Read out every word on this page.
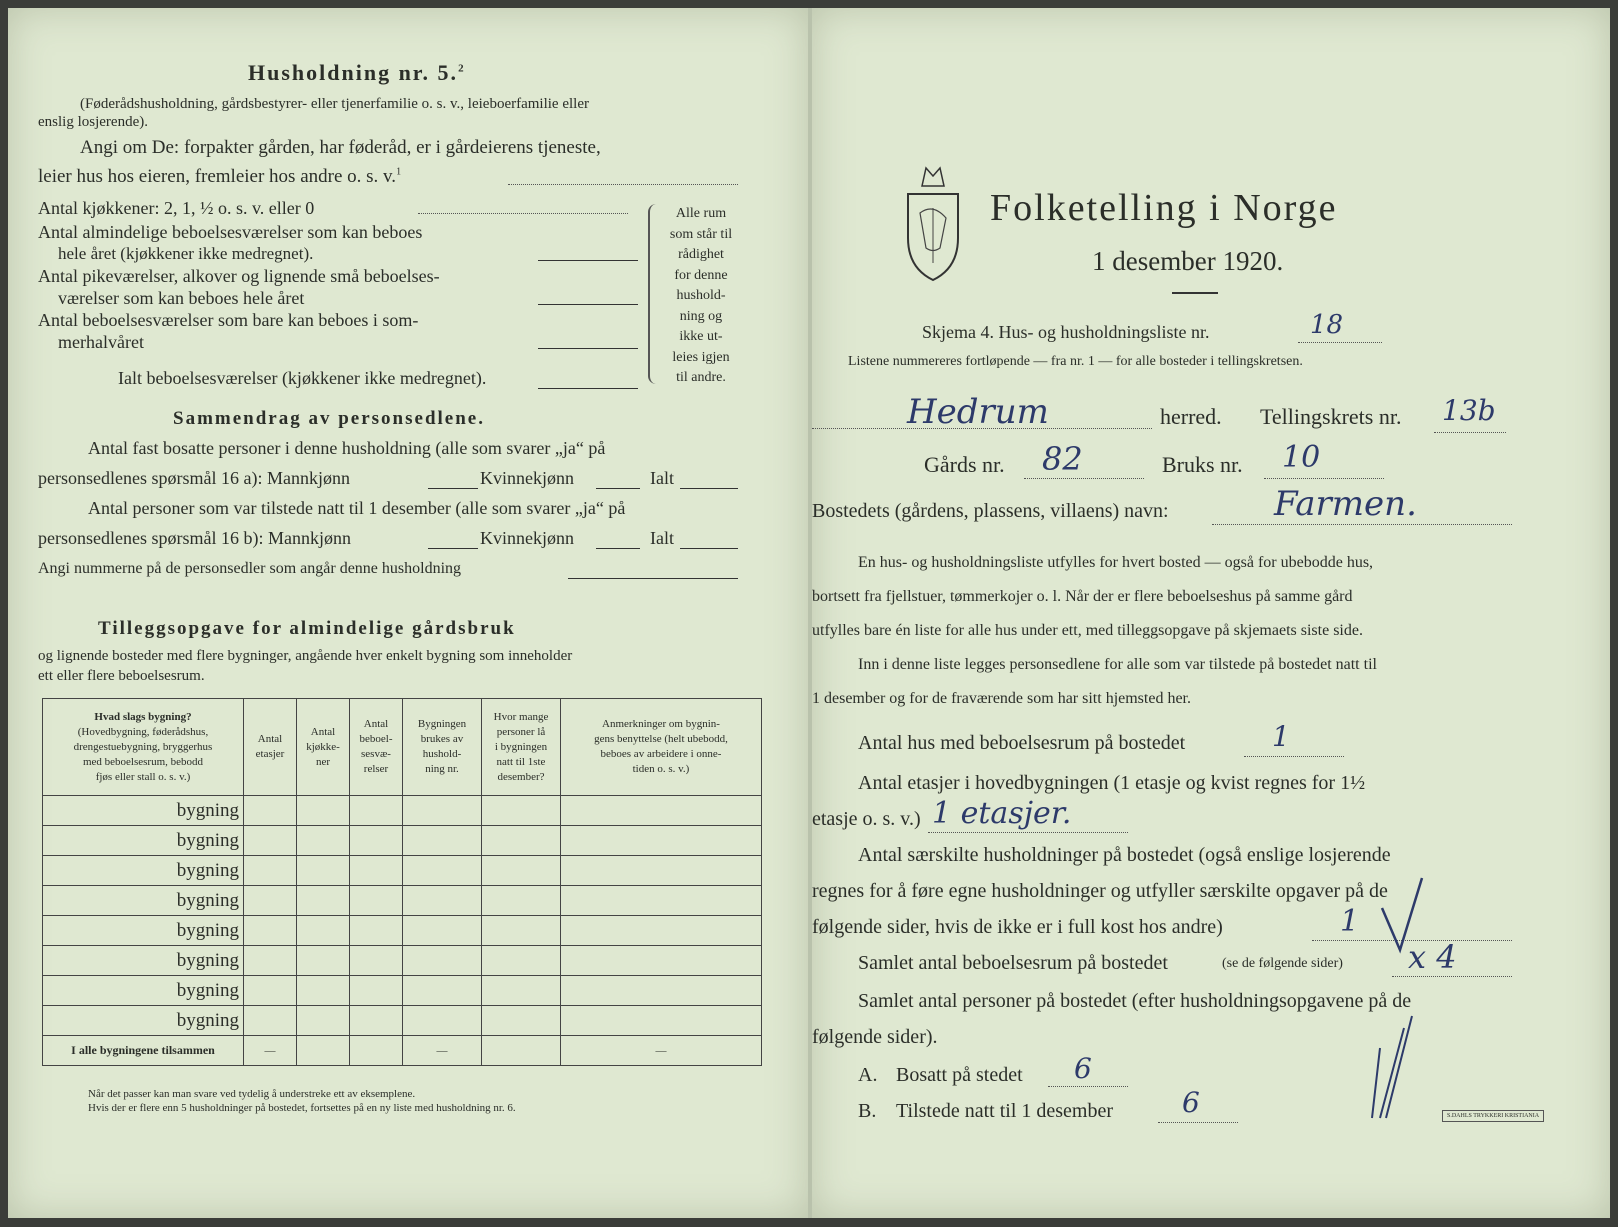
Husholdning nr. 5.$^2$
(Føderådshusholdning, gårdsbestyrer- eller tjenerfamilie o. s. v., leieboerfamilie eller
enslig losjerende).
Angi om De: forpakter gården, har føderåd, er i gårdeierens tjeneste,
leier hus hos eieren, fremleier hos andre o. s. v.$^1$
Antal kjøkkener: 2, 1, ½ o. s. v. eller 0
Antal almindelige beboelsesværelser som kan beboes
hele året (kjøkkener ikke medregnet).
Antal pikeværelser, alkover og lignende små beboelses-
værelser som kan beboes hele året
Antal beboelsesværelser som bare kan beboes i som-
merhalvåret
Ialt beboelsesværelser (kjøkkener ikke medregnet).
Alle rum
som står til
rådighet
for denne
hushold-
ning og
ikke ut-
leies igjen
til andre.
Sammendrag av personsedlene.
Antal fast bosatte personer i denne husholdning (alle som svarer „ja“ på
personsedlenes spørsmål 16 a): Mannkjønn	Kvinnekjønn	Ialt
Antal personer som var tilstede natt til 1 desember (alle som svarer „ja“ på
personsedlenes spørsmål 16 b): Mannkjønn	Kvinnekjønn	Ialt
Angi nummerne på de personsedler som angår denne husholdning
Tilleggsopgave for almindelige gårdsbruk
og lignende bosteder med flere bygninger, angående hver enkelt bygning som inneholder
ett eller flere beboelsesrum.
Hvad slags bygning?
(Hovedbygning, føderådshus,
drengestuebygning, bryggerhus
med beboelsesrum, bebodd
fjøs eller stall o. s. v.)	Antal
etasjer	Antal
kjøkke-
ner	Antal
beboel-
sesvæ-
relser	Bygningen
brukes av
hushold-
ning nr.	Hvor mange
personer lå
i bygningen
natt til 1ste
desember?	Anmerkninger om bygnin-
gens benyttelse (helt ubebodd,
beboes av arbeidere i onne-
tiden o. s. v.)
bygning						
bygning						
bygning						
bygning						
bygning						
bygning						
bygning						
bygning						
I alle bygningene tilsammen	—			—		—
Når det passer kan man svare ved tydelig å understreke ett av eksemplene.
Hvis der er flere enn 5 husholdninger på bostedet, fortsettes på en ny liste med husholdning nr. 6.
Folketelling i Norge
1 desember 1920.
Skjema 4. Hus- og husholdningsliste nr.	18
Listene nummereres fortløpende — fra nr. 1 — for alle bosteder i tellingskretsen.
Hedrum	herred. Tellingskrets nr. 13b
Gårds nr. 82	Bruks nr. 10
Bostedets (gårdens, plassens, villaens) navn:	Farmen.
En hus- og husholdningsliste utfylles for hvert bosted — også for ubebodde hus,
bortsett fra fjellstuer, tømmerkojer o. l. Når der er flere beboelseshus på samme gård
utfylles bare én liste for alle hus under ett, med tilleggsopgave på skjemaets siste side.
Inn i denne liste legges personsedlene for alle som var tilstede på bostedet natt til
1 desember og for de fraværende som har sitt hjemsted her.
Antal hus med beboelsesrum på bostedet	1
Antal etasjer i hovedbygningen (1 etasje og kvist regnes for 1½
etasje o. s. v.) 1 etasjer.
Antal særskilte husholdninger på bostedet (også enslige losjerende
regnes for å føre egne husholdninger og utfyller særskilte opgaver på de
følgende sider, hvis de ikke er i full kost hos andre)	1
Samlet antal beboelsesrum på bostedet	(se de følgende sider) x 4
Samlet antal personer på bostedet (efter husholdningsopgavene på de
følgende sider).
A. Bosatt på stedet 6
B. Tilstede natt til 1 desember 6	S.DAHLS TRYKKERI KRISTIANIA
